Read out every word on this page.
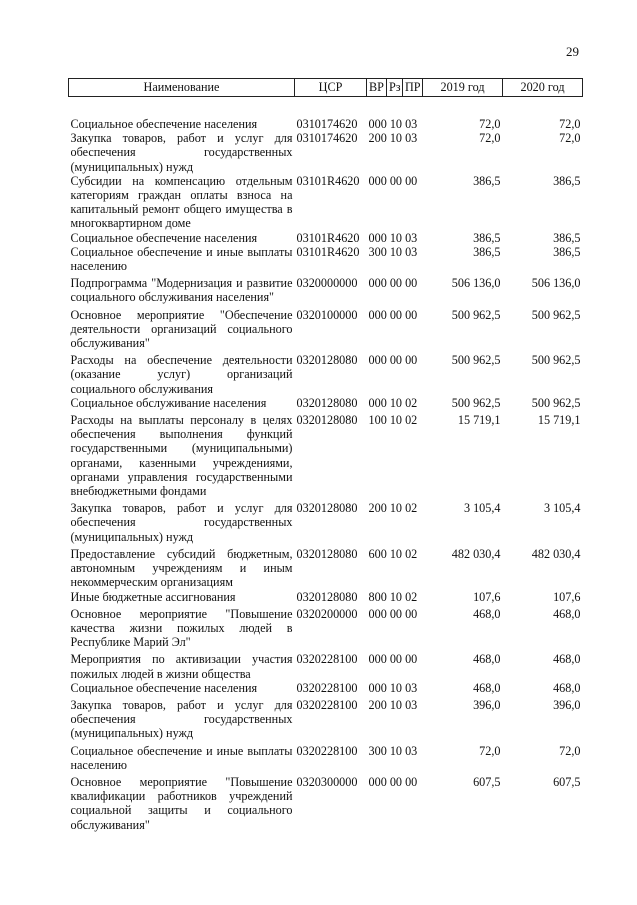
29
Наименование	ЦСР	ВР	Рз	ПР	2019 год	2020 год
Социальное обеспечение населения	0310174620	000 10 03			72,0	72,0
Закупка товаров, работ и услуг для обеспечения государственных (муниципальных) нужд	0310174620	200 10 03			72,0	72,0
Субсидии на компенсацию отдельным категориям граждан оплаты взноса на капитальный ремонт общего имущества в многоквартирном доме	03101R4620	000 00 00			386,5	386,5
Социальное обеспечение населения	03101R4620	000 10 03			386,5	386,5
Социальное обеспечение и иные выплаты населению	03101R4620	300 10 03			386,5	386,5
Подпрограмма "Модернизация и развитие социального обслуживания населения"	0320000000	000 00 00			506 136,0	506 136,0
Основное мероприятие "Обеспечение деятельности организаций социального обслуживания"	0320100000	000 00 00			500 962,5	500 962,5
Расходы на обеспечение деятельности (оказание услуг) организаций социального обслуживания	0320128080	000 00 00			500 962,5	500 962,5
Социальное обслуживание населения	0320128080	000 10 02			500 962,5	500 962,5
Расходы на выплаты персоналу в целях обеспечения выполнения функций государственными (муниципальными) органами, казенными учреждениями, органами управления государственными внебюджетными фондами	0320128080	100 10 02			15 719,1	15 719,1
Закупка товаров, работ и услуг для обеспечения государственных (муниципальных) нужд	0320128080	200 10 02			3 105,4	3 105,4
Предоставление субсидий бюджетным, автономным учреждениям и иным некоммерческим организациям	0320128080	600 10 02			482 030,4	482 030,4
Иные бюджетные ассигнования	0320128080	800 10 02			107,6	107,6
Основное мероприятие "Повышение качества жизни пожилых людей в Республике Марий Эл"	0320200000	000 00 00			468,0	468,0
Мероприятия по активизации участия пожилых людей в жизни общества	0320228100	000 00 00			468,0	468,0
Социальное обеспечение населения	0320228100	000 10 03			468,0	468,0
Закупка товаров, работ и услуг для обеспечения государственных (муниципальных) нужд	0320228100	200 10 03			396,0	396,0
Социальное обеспечение и иные выплаты населению	0320228100	300 10 03			72,0	72,0
Основное мероприятие "Повышение квалификации работников учреждений социальной защиты и социального обслуживания"	0320300000	000 00 00			607,5	607,5
